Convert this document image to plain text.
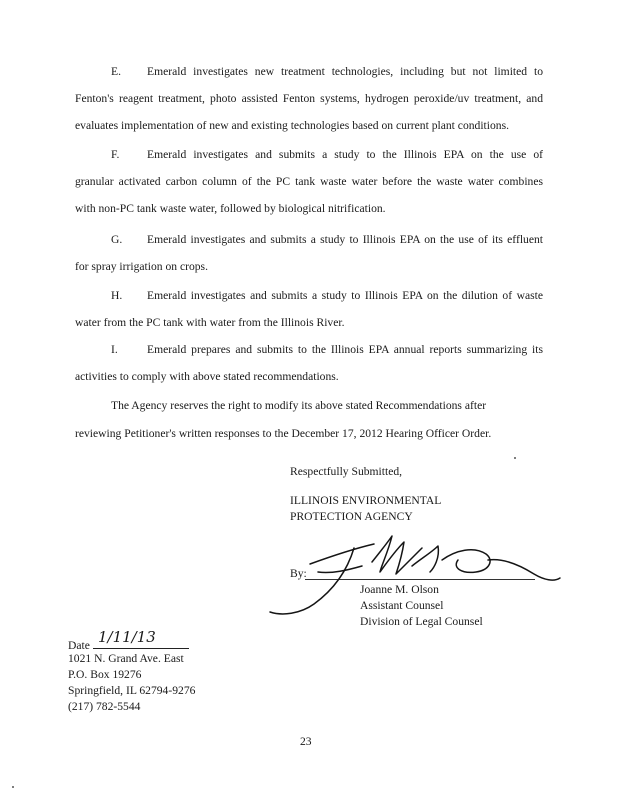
E. Emerald investigates new treatment technologies, including but not limited to
Fenton's reagent treatment, photo assisted Fenton systems, hydrogen peroxide/uv treatment, and
evaluates implementation of new and existing technologies based on current plant conditions.
F. Emerald investigates and submits a study to the Illinois EPA on the use of
granular activated carbon column of the PC tank waste water before the waste water combines
with non-PC tank waste water, followed by biological nitrification.
G. Emerald investigates and submits a study to Illinois EPA on the use of its effluent
for spray irrigation on crops.
H. Emerald investigates and submits a study to Illinois EPA on the dilution of waste
water from the PC tank with water from the Illinois River.
I.	Emerald prepares and submits to the Illinois EPA annual reports summarizing its
activities to comply with above stated recommendations.
The Agency reserves the right to modify its above stated Recommendations after
reviewing Petitioner's written responses to the December 17, 2012 Hearing Officer Order.
Respectfully Submitted,
ILLINOIS ENVIRONMENTAL
PROTECTION AGENCY
By:
Joanne M. Olson
Assistant Counsel
Division of Legal Counsel
Date 1/11/13
1021 N. Grand Ave. East
P.O. Box 19276
Springfield, IL 62794-9276
(217) 782-5544
23
